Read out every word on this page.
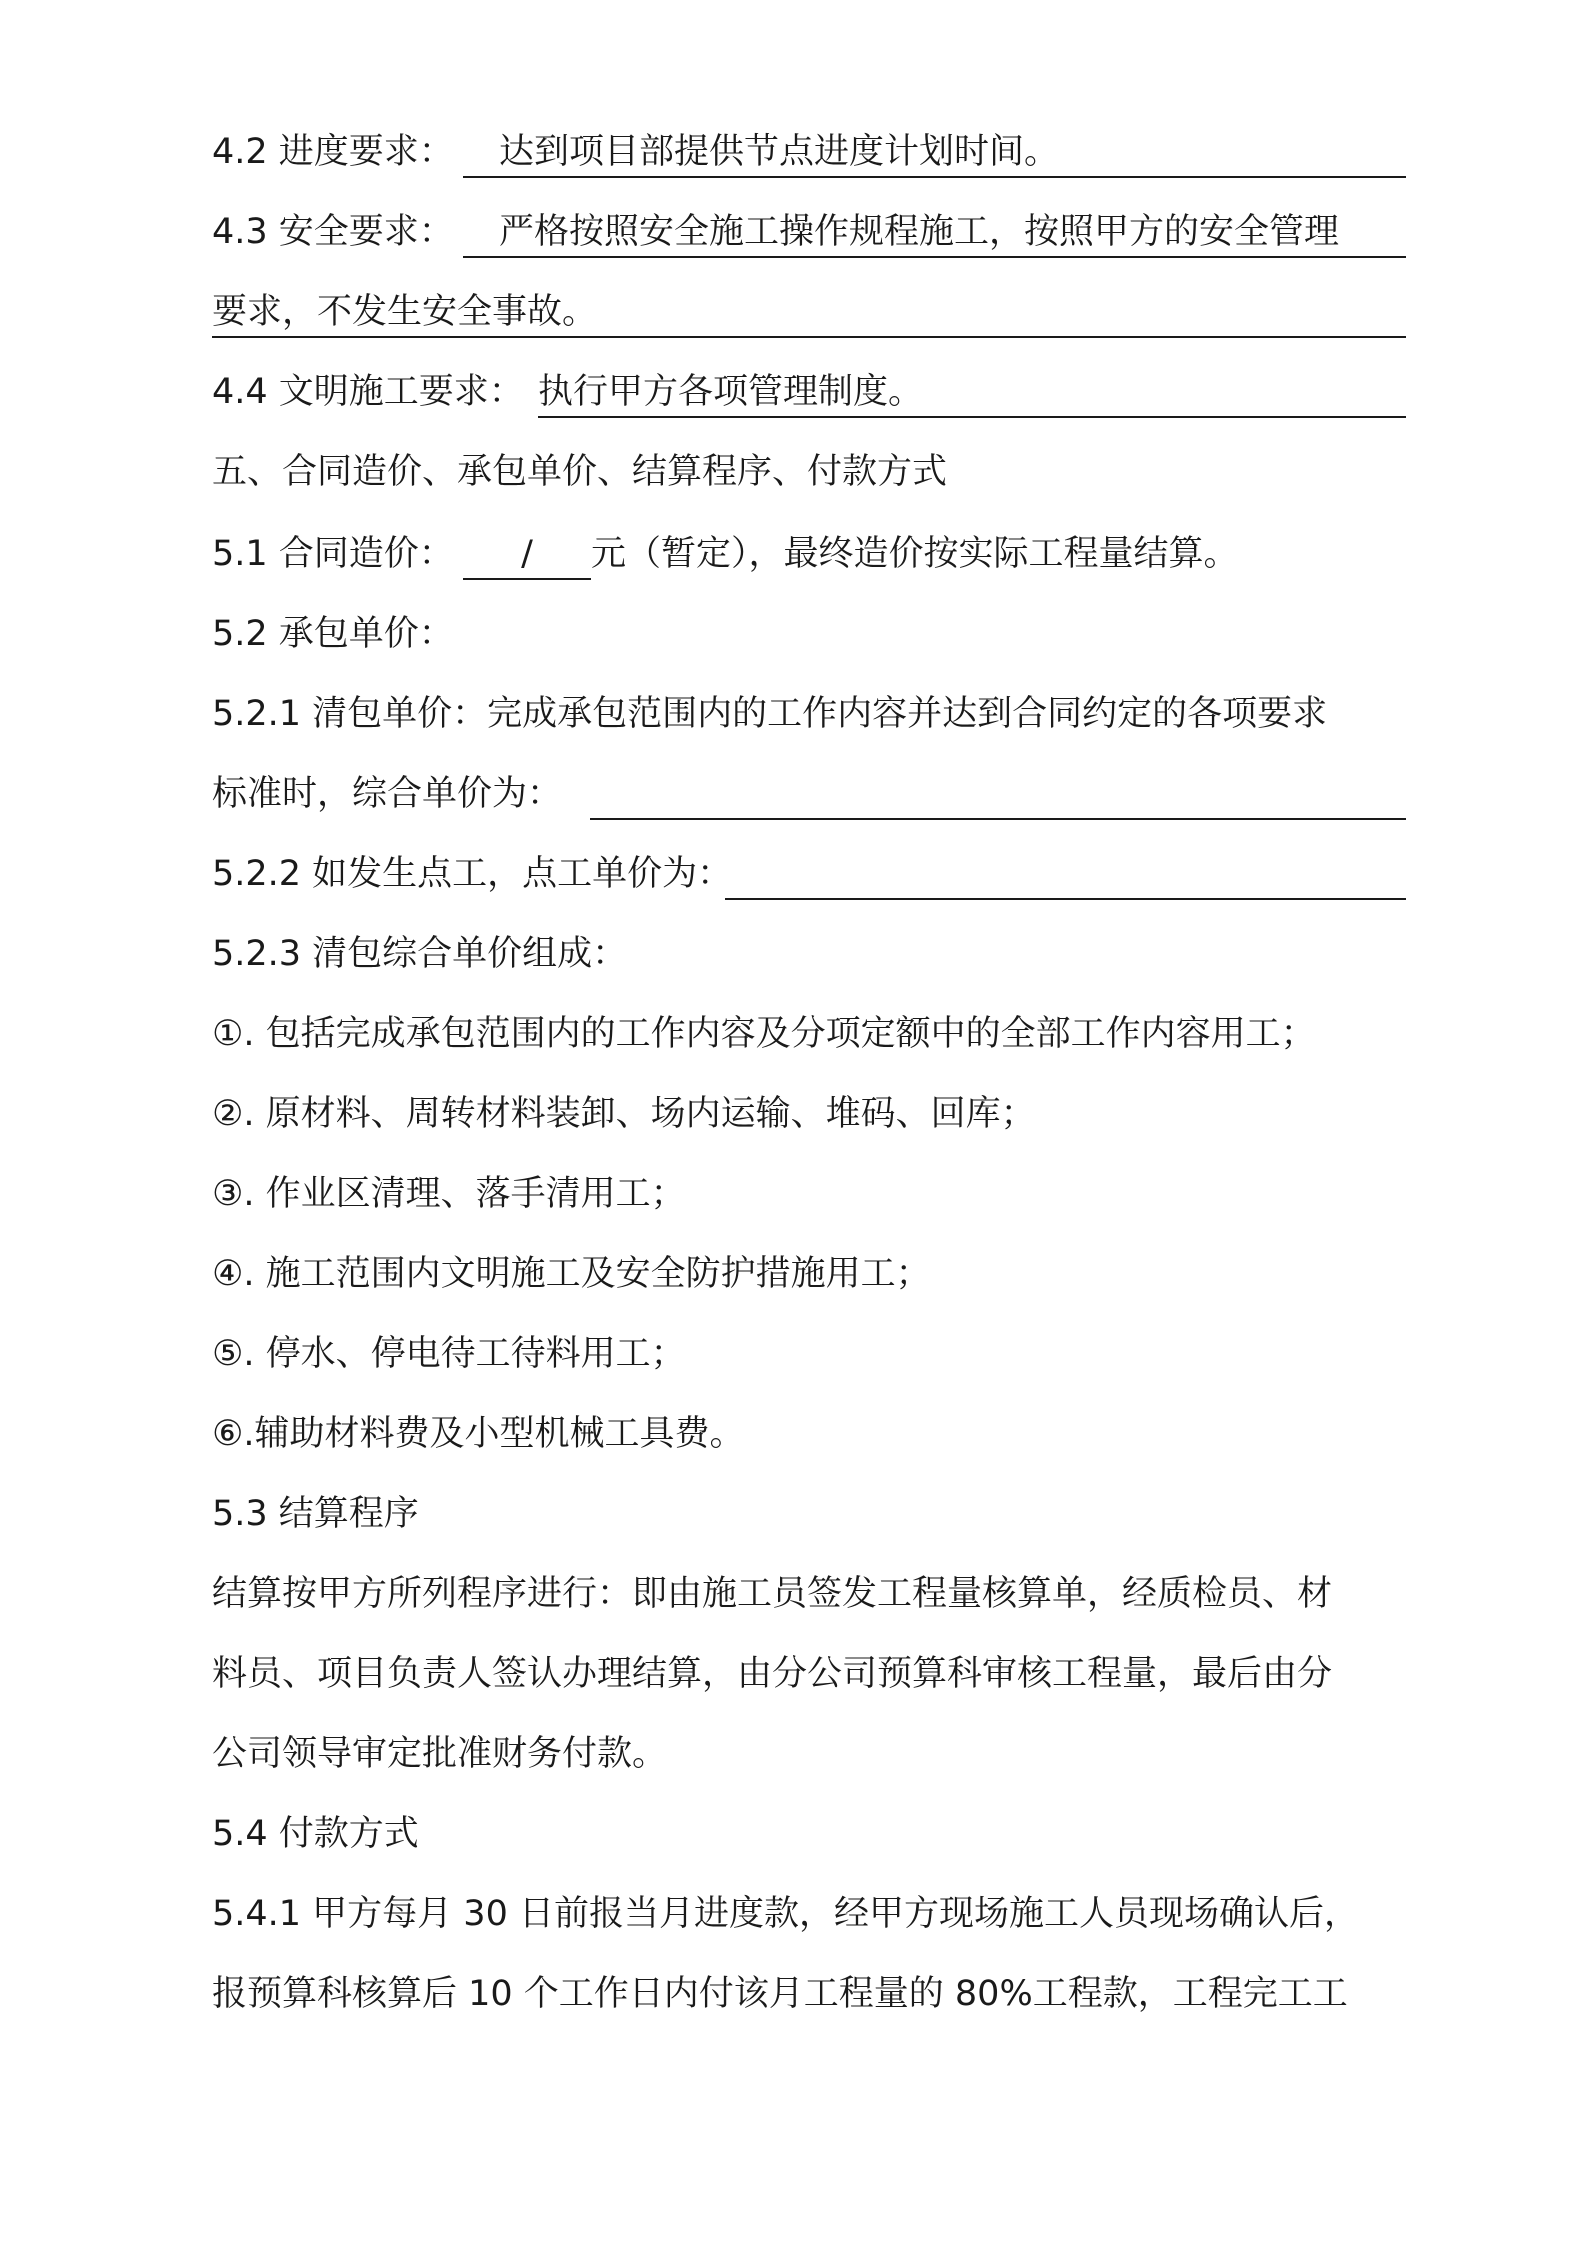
4.2 进度要求：	达到项目部提供节点进度计划时间。
4.3 安全要求：	严格按照安全施工操作规程施工，按照甲方的安全管理
要求，不发生安全事故。
4.4 文明施工要求： 执行甲方各项管理制度。
五、合同造价、承包单价、结算程序、付款方式
5.1 合同造价：	/	元（暂定），最终造价按实际工程量结算。
5.2 承包单价：
5.2.1 清包单价：完成承包范围内的工作内容并达到合同约定的各项要求
标准时，综合单价为：
5.2.2 如发生点工，点工单价为：
5.2.3 清包综合单价组成：
①. 包括完成承包范围内的工作内容及分项定额中的全部工作内容用工；
②. 原材料、周转材料装卸、场内运输、堆码、回库；
③. 作业区清理、落手清用工；
④. 施工范围内文明施工及安全防护措施用工；
⑤. 停水、停电待工待料用工；
⑥.辅助材料费及小型机械工具费。
5.3 结算程序
结算按甲方所列程序进行：即由施工员签发工程量核算单，经质检员、材
料员、项目负责人签认办理结算，由分公司预算科审核工程量，最后由分
公司领导审定批准财务付款。
5.4 付款方式
5.4.1 甲方每月 30 日前报当月进度款，经甲方现场施工人员现场确认后，
报预算科核算后 10 个工作日内付该月工程量的 80%工程款，工程完工工
